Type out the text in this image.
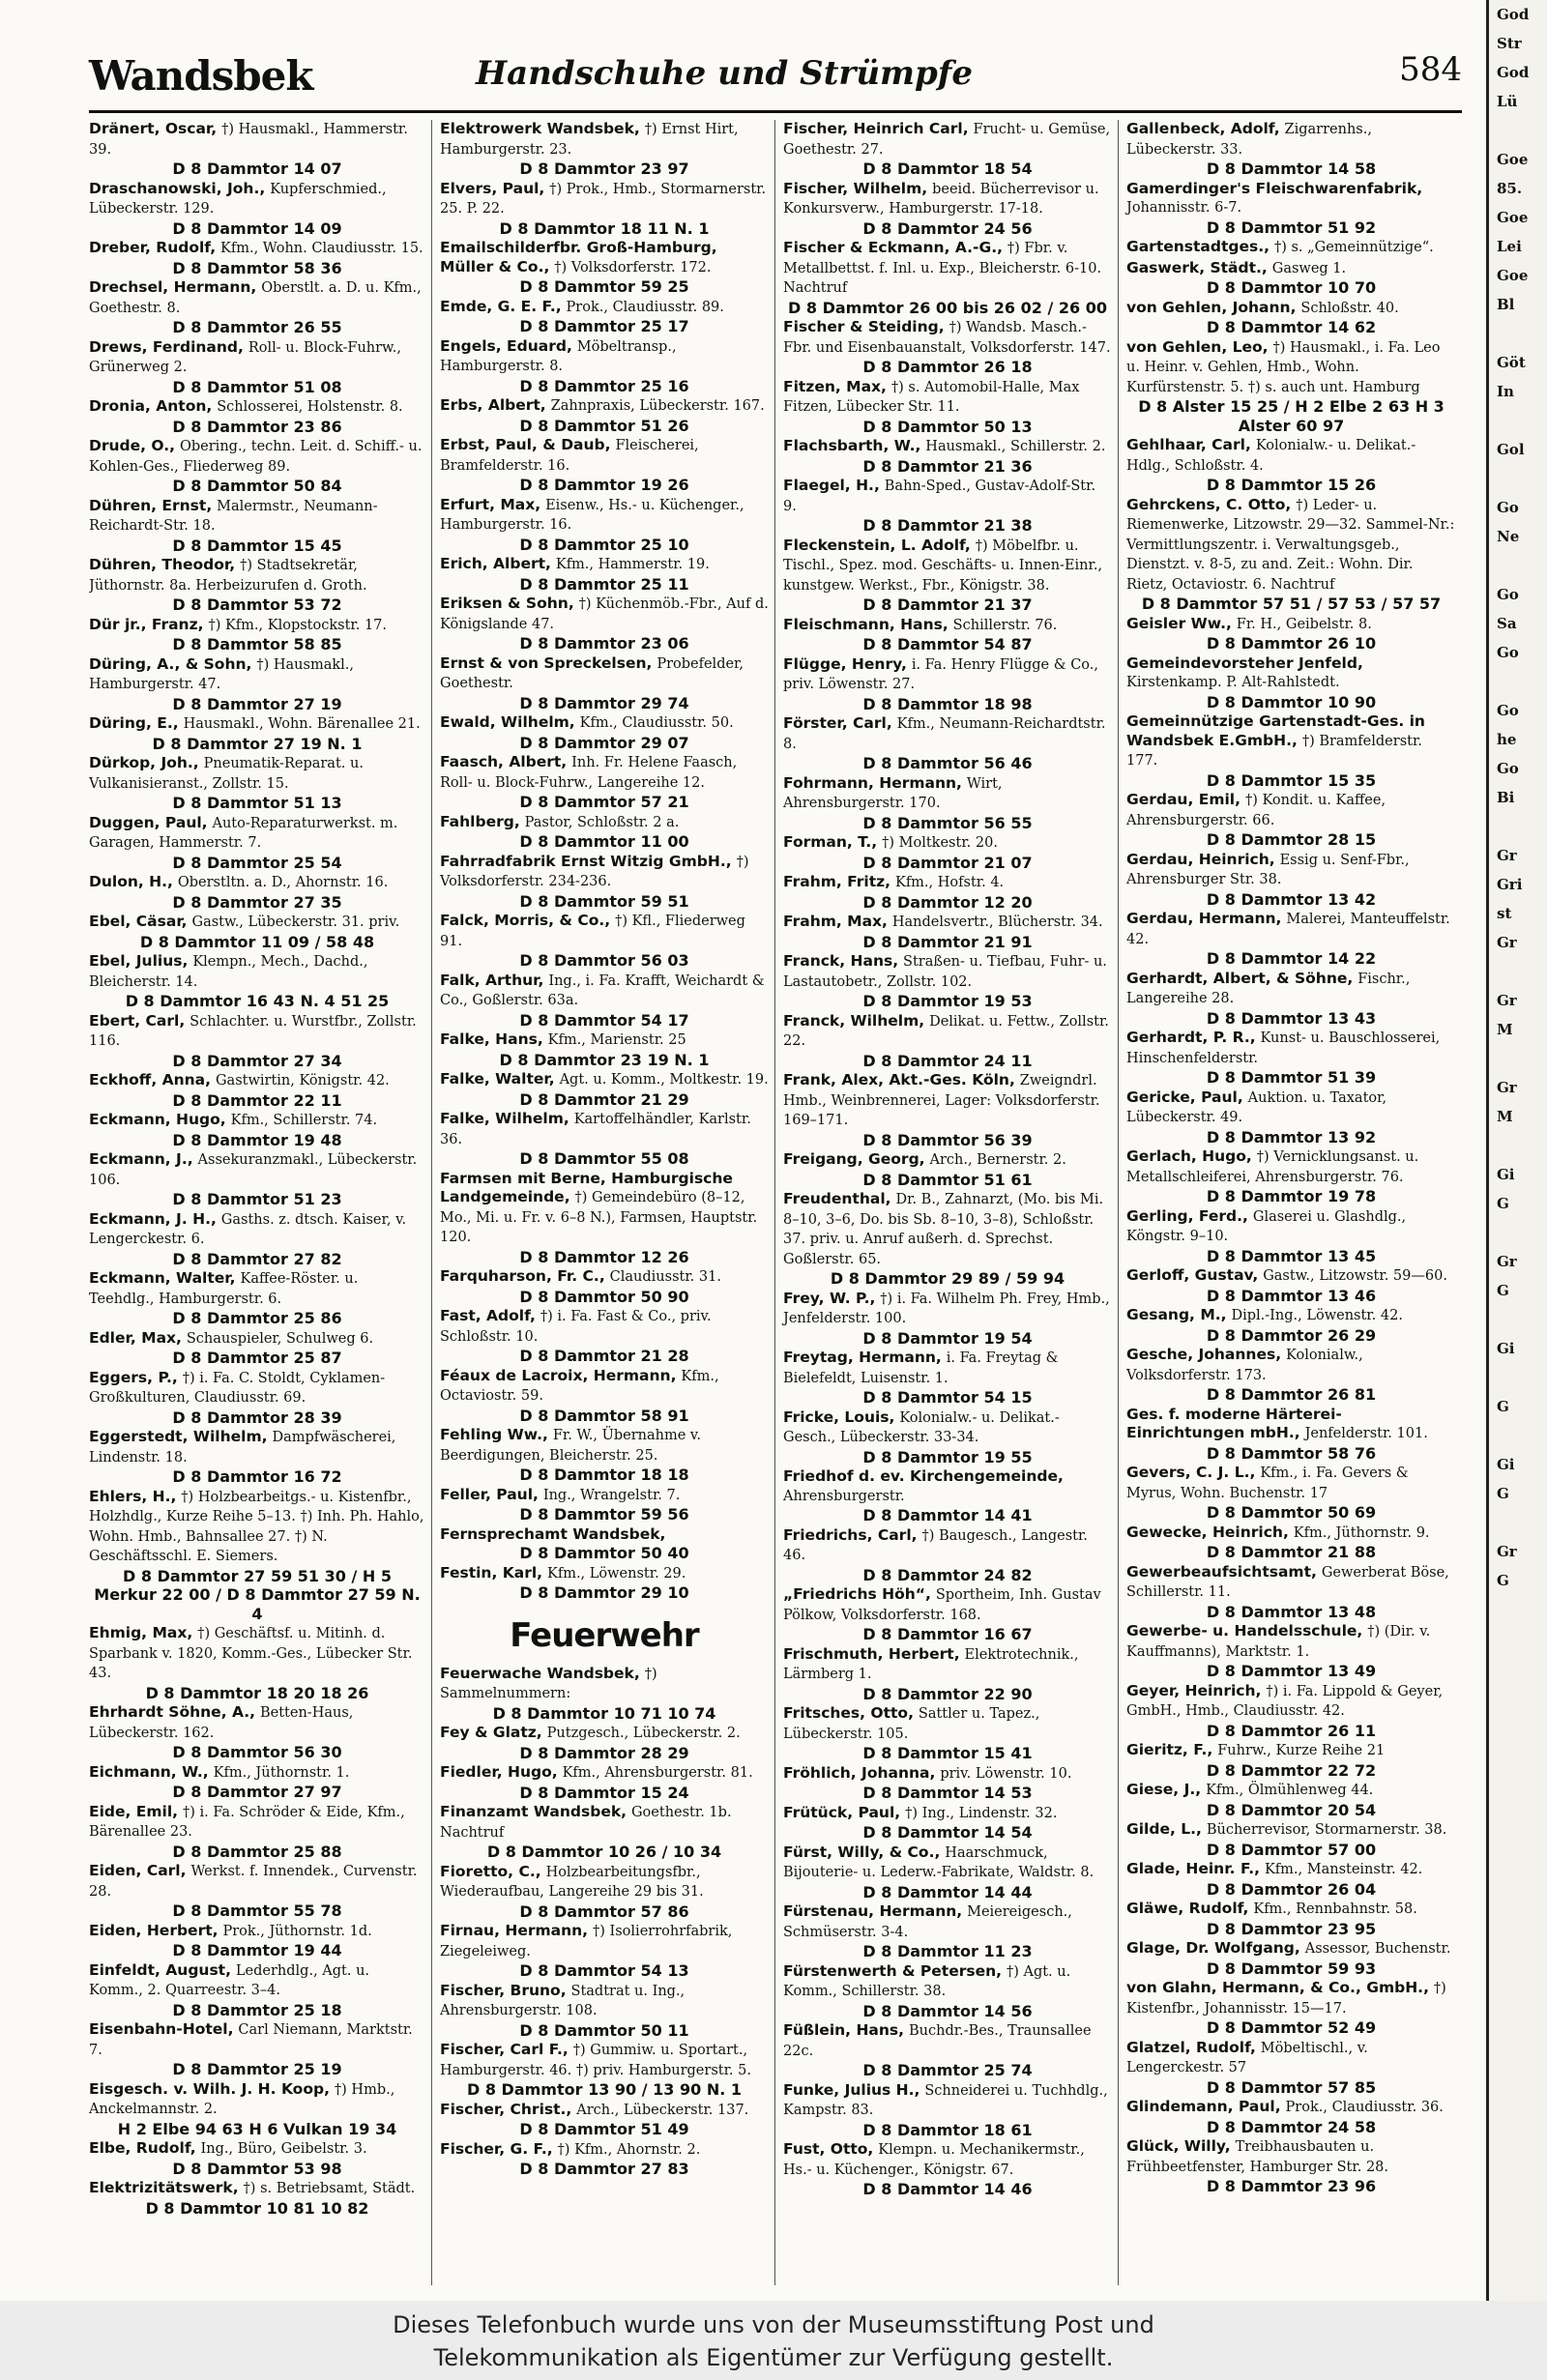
Wandsbek	Handschuhe und Strümpfe	584
Dränert, Oscar, †) Hausmakl., Hammerstr. 39.
D 8 Dammtor 14 07
Draschanowski, Joh., Kupferschmied., Lübeckerstr. 129.
D 8 Dammtor 14 09
Dreber, Rudolf, Kfm., Wohn. Claudiusstr. 15.
D 8 Dammtor 58 36
Drechsel, Hermann, Oberstlt. a. D. u. Kfm., Goethestr. 8.
D 8 Dammtor 26 55
Drews, Ferdinand, Roll- u. Block-Fuhrw., Grünerweg 2.
D 8 Dammtor 51 08
Dronia, Anton, Schlosserei, Holstenstr. 8.
D 8 Dammtor 23 86
Drude, O., Obering., techn. Leit. d. Schiff.- u. Kohlen-Ges., Fliederweg 89.
D 8 Dammtor 50 84
Dühren, Ernst, Malermstr., Neumann-Reichardt-Str. 18.
D 8 Dammtor 15 45
Dühren, Theodor, †) Stadtsekretär, Jüthornstr. 8a. Herbeizurufen d. Groth.
D 8 Dammtor 53 72
Dür jr., Franz, †) Kfm., Klopstockstr. 17.
D 8 Dammtor 58 85
Düring, A., & Sohn, †) Hausmakl., Hamburgerstr. 47.
D 8 Dammtor 27 19
Düring, E., Hausmakl., Wohn. Bärenallee 21.
D 8 Dammtor 27 19 N. 1
Dürkop, Joh., Pneumatik-Reparat. u. Vulkanisieranst., Zollstr. 15.
D 8 Dammtor 51 13
Duggen, Paul, Auto-Reparaturwerkst. m. Garagen, Hammerstr. 7.
D 8 Dammtor 25 54
Dulon, H., Oberstltn. a. D., Ahornstr. 16.
D 8 Dammtor 27 35
Ebel, Cäsar, Gastw., Lübeckerstr. 31. priv.
D 8 Dammtor 11 09 / 58 48
Ebel, Julius, Klempn., Mech., Dachd., Bleicherstr. 14.
D 8 Dammtor 16 43 N. 4 51 25
Ebert, Carl, Schlachter. u. Wurstfbr., Zollstr. 116.
D 8 Dammtor 27 34
Eckhoff, Anna, Gastwirtin, Königstr. 42.
D 8 Dammtor 22 11
Eckmann, Hugo, Kfm., Schillerstr. 74.
D 8 Dammtor 19 48
Eckmann, J., Assekuranzmakl., Lübeckerstr. 106.
D 8 Dammtor 51 23
Eckmann, J. H., Gasths. z. dtsch. Kaiser, v. Lengerckestr. 6.
D 8 Dammtor 27 82
Eckmann, Walter, Kaffee-Röster. u. Teehdlg., Hamburgerstr. 6.
D 8 Dammtor 25 86
Edler, Max, Schauspieler, Schulweg 6.
D 8 Dammtor 25 87
Eggers, P., †) i. Fa. C. Stoldt, Cyklamen-Großkulturen, Claudiusstr. 69.
D 8 Dammtor 28 39
Eggerstedt, Wilhelm, Dampfwäscherei, Lindenstr. 18.
D 8 Dammtor 16 72
Ehlers, H., †) Holzbearbeitgs.- u. Kistenfbr., Holzhdlg., Kurze Reihe 5–13. †) Inh. Ph. Hahlo, Wohn. Hmb., Bahnsallee 27. †) N. Geschäftsschl. E. Siemers.
D 8 Dammtor 27 59 51 30 / H 5 Merkur 22 00 / D 8 Dammtor 27 59 N. 4
Ehmig, Max, †) Geschäftsf. u. Mitinh. d. Sparbank v. 1820, Komm.-Ges., Lübecker Str. 43.
D 8 Dammtor 18 20 18 26
Ehrhardt Söhne, A., Betten-Haus, Lübeckerstr. 162.
D 8 Dammtor 56 30
Eichmann, W., Kfm., Jüthornstr. 1.
D 8 Dammtor 27 97
Eide, Emil, †) i. Fa. Schröder & Eide, Kfm., Bärenallee 23.
D 8 Dammtor 25 88
Eiden, Carl, Werkst. f. Innendek., Curvenstr. 28.
D 8 Dammtor 55 78
Eiden, Herbert, Prok., Jüthornstr. 1d.
D 8 Dammtor 19 44
Einfeldt, August, Lederhdlg., Agt. u. Komm., 2. Quarreestr. 3–4.
D 8 Dammtor 25 18
Eisenbahn-Hotel, Carl Niemann, Marktstr. 7.
D 8 Dammtor 25 19
Eisgesch. v. Wilh. J. H. Koop, †) Hmb., Anckelmannstr. 2.
H 2 Elbe 94 63 H 6 Vulkan 19 34
Elbe, Rudolf, Ing., Büro, Geibelstr. 3.
D 8 Dammtor 53 98
Elektrizitätswerk, †) s. Betriebsamt, Städt.
D 8 Dammtor 10 81 10 82
Elektrowerk Wandsbek, †) Ernst Hirt, Hamburgerstr. 23.
D 8 Dammtor 23 97
Elvers, Paul, †) Prok., Hmb., Stormarnerstr. 25. P. 22.
D 8 Dammtor 18 11 N. 1
Emailschilderfbr. Groß-Hamburg, Müller & Co., †) Volksdorferstr. 172.
D 8 Dammtor 59 25
Emde, G. E. F., Prok., Claudiusstr. 89.
D 8 Dammtor 25 17
Engels, Eduard, Möbeltransp., Hamburgerstr. 8.
D 8 Dammtor 25 16
Erbs, Albert, Zahnpraxis, Lübeckerstr. 167.
D 8 Dammtor 51 26
Erbst, Paul, & Daub, Fleischerei, Bramfelderstr. 16.
D 8 Dammtor 19 26
Erfurt, Max, Eisenw., Hs.- u. Küchenger., Hamburgerstr. 16.
D 8 Dammtor 25 10
Erich, Albert, Kfm., Hammerstr. 19.
D 8 Dammtor 25 11
Eriksen & Sohn, †) Küchenmöb.-Fbr., Auf d. Königslande 47.
D 8 Dammtor 23 06
Ernst & von Spreckelsen, Probefelder, Goethestr.
D 8 Dammtor 29 74
Ewald, Wilhelm, Kfm., Claudiusstr. 50.
D 8 Dammtor 29 07
Faasch, Albert, Inh. Fr. Helene Faasch, Roll- u. Block-Fuhrw., Langereihe 12.
D 8 Dammtor 57 21
Fahlberg, Pastor, Schloßstr. 2 a.
D 8 Dammtor 11 00
Fahrradfabrik Ernst Witzig GmbH., †) Volksdorferstr. 234-236.
D 8 Dammtor 59 51
Falck, Morris, & Co., †) Kfl., Fliederweg 91.
D 8 Dammtor 56 03
Falk, Arthur, Ing., i. Fa. Krafft, Weichardt & Co., Goßlerstr. 63a.
D 8 Dammtor 54 17
Falke, Hans, Kfm., Marienstr. 25
D 8 Dammtor 23 19 N. 1
Falke, Walter, Agt. u. Komm., Moltkestr. 19.
D 8 Dammtor 21 29
Falke, Wilhelm, Kartoffelhändler, Karlstr. 36.
D 8 Dammtor 55 08
Farmsen mit Berne, Hamburgische Landgemeinde, †) Gemeindebüro (8–12, Mo., Mi. u. Fr. v. 6–8 N.), Farmsen, Hauptstr. 120.
D 8 Dammtor 12 26
Farquharson, Fr. C., Claudiusstr. 31.
D 8 Dammtor 50 90
Fast, Adolf, †) i. Fa. Fast & Co., priv. Schloßstr. 10.
D 8 Dammtor 21 28
Féaux de Lacroix, Hermann, Kfm., Octaviostr. 59.
D 8 Dammtor 58 91
Fehling Ww., Fr. W., Übernahme v. Beerdigungen, Bleicherstr. 25.
D 8 Dammtor 18 18
Feller, Paul, Ing., Wrangelstr. 7.
D 8 Dammtor 59 56
Fernsprechamt Wandsbek,
D 8 Dammtor 50 40
Festin, Karl, Kfm., Löwenstr. 29.
D 8 Dammtor 29 10
Feuerwehr
Feuerwache Wandsbek, †) Sammelnummern:
D 8 Dammtor 10 71 10 74
Fey & Glatz, Putzgesch., Lübeckerstr. 2.
D 8 Dammtor 28 29
Fiedler, Hugo, Kfm., Ahrensburgerstr. 81.
D 8 Dammtor 15 24
Finanzamt Wandsbek, Goethestr. 1b. Nachtruf
D 8 Dammtor 10 26 / 10 34
Fioretto, C., Holzbearbeitungsfbr., Wiederaufbau, Langereihe 29 bis 31.
D 8 Dammtor 57 86
Firnau, Hermann, †) Isolierrohrfabrik, Ziegeleiweg.
D 8 Dammtor 54 13
Fischer, Bruno, Stadtrat u. Ing., Ahrensburgerstr. 108.
D 8 Dammtor 50 11
Fischer, Carl F., †) Gummiw. u. Sportart., Hamburgerstr. 46. †) priv. Hamburgerstr. 5.
D 8 Dammtor 13 90 / 13 90 N. 1
Fischer, Christ., Arch., Lübeckerstr. 137.
D 8 Dammtor 51 49
Fischer, G. F., †) Kfm., Ahornstr. 2.
D 8 Dammtor 27 83
Fischer, Heinrich Carl, Frucht- u. Gemüse, Goethestr. 27.
D 8 Dammtor 18 54
Fischer, Wilhelm, beeid. Bücherrevisor u. Konkursverw., Hamburgerstr. 17-18.
D 8 Dammtor 24 56
Fischer & Eckmann, A.-G., †) Fbr. v. Metallbettst. f. Inl. u. Exp., Bleicherstr. 6-10. Nachtruf
D 8 Dammtor 26 00 bis 26 02 / 26 00
Fischer & Steiding, †) Wandsb. Masch.-Fbr. und Eisenbauanstalt, Volksdorferstr. 147.
D 8 Dammtor 26 18
Fitzen, Max, †) s. Automobil-Halle, Max Fitzen, Lübecker Str. 11.
D 8 Dammtor 50 13
Flachsbarth, W., Hausmakl., Schillerstr. 2.
D 8 Dammtor 21 36
Flaegel, H., Bahn-Sped., Gustav-Adolf-Str. 9.
D 8 Dammtor 21 38
Fleckenstein, L. Adolf, †) Möbelfbr. u. Tischl., Spez. mod. Geschäfts- u. Innen-Einr., kunstgew. Werkst., Fbr., Königstr. 38.
D 8 Dammtor 21 37
Fleischmann, Hans, Schillerstr. 76.
D 8 Dammtor 54 87
Flügge, Henry, i. Fa. Henry Flügge & Co., priv. Löwenstr. 27.
D 8 Dammtor 18 98
Förster, Carl, Kfm., Neumann-Reichardtstr. 8.
D 8 Dammtor 56 46
Fohrmann, Hermann, Wirt, Ahrensburgerstr. 170.
D 8 Dammtor 56 55
Forman, T., †) Moltkestr. 20.
D 8 Dammtor 21 07
Frahm, Fritz, Kfm., Hofstr. 4.
D 8 Dammtor 12 20
Frahm, Max, Handelsvertr., Blücherstr. 34.
D 8 Dammtor 21 91
Franck, Hans, Straßen- u. Tiefbau, Fuhr- u. Lastautobetr., Zollstr. 102.
D 8 Dammtor 19 53
Franck, Wilhelm, Delikat. u. Fettw., Zollstr. 22.
D 8 Dammtor 24 11
Frank, Alex, Akt.-Ges. Köln, Zweigndrl. Hmb., Weinbrennerei, Lager: Volksdorferstr. 169–171.
D 8 Dammtor 56 39
Freigang, Georg, Arch., Bernerstr. 2.
D 8 Dammtor 51 61
Freudenthal, Dr. B., Zahnarzt, (Mo. bis Mi. 8–10, 3–6, Do. bis Sb. 8–10, 3–8), Schloßstr. 37. priv. u. Anruf außerh. d. Sprechst. Goßlerstr. 65.
D 8 Dammtor 29 89 / 59 94
Frey, W. P., †) i. Fa. Wilhelm Ph. Frey, Hmb., Jenfelderstr. 100.
D 8 Dammtor 19 54
Freytag, Hermann, i. Fa. Freytag & Bielefeldt, Luisenstr. 1.
D 8 Dammtor 54 15
Fricke, Louis, Kolonialw.- u. Delikat.-Gesch., Lübeckerstr. 33-34.
D 8 Dammtor 19 55
Friedhof d. ev. Kirchengemeinde, Ahrensburgerstr.
D 8 Dammtor 14 41
Friedrichs, Carl, †) Baugesch., Langestr. 46.
D 8 Dammtor 24 82
„Friedrichs Höh“, Sportheim, Inh. Gustav Pölkow, Volksdorferstr. 168.
D 8 Dammtor 16 67
Frischmuth, Herbert, Elektrotechnik., Lärmberg 1.
D 8 Dammtor 22 90
Fritsches, Otto, Sattler u. Tapez., Lübeckerstr. 105.
D 8 Dammtor 15 41
Fröhlich, Johanna, priv. Löwenstr. 10.
D 8 Dammtor 14 53
Frütück, Paul, †) Ing., Lindenstr. 32.
D 8 Dammtor 14 54
Fürst, Willy, & Co., Haarschmuck, Bijouterie- u. Lederw.-Fabrikate, Waldstr. 8.
D 8 Dammtor 14 44
Fürstenau, Hermann, Meiereigesch., Schmüserstr. 3-4.
D 8 Dammtor 11 23
Fürstenwerth & Petersen, †) Agt. u. Komm., Schillerstr. 38.
D 8 Dammtor 14 56
Füßlein, Hans, Buchdr.-Bes., Traunsallee 22c.
D 8 Dammtor 25 74
Funke, Julius H., Schneiderei u. Tuchhdlg., Kampstr. 83.
D 8 Dammtor 18 61
Fust, Otto, Klempn. u. Mechanikermstr., Hs.- u. Küchenger., Königstr. 67.
D 8 Dammtor 14 46
Gallenbeck, Adolf, Zigarrenhs., Lübeckerstr. 33.
D 8 Dammtor 14 58
Gamerdinger's Fleischwarenfabrik, Johannisstr. 6-7.
D 8 Dammtor 51 92
Gartenstadtges., †) s. „Gemeinnützige“.
Gaswerk, Städt., Gasweg 1.
D 8 Dammtor 10 70
von Gehlen, Johann, Schloßstr. 40.
D 8 Dammtor 14 62
von Gehlen, Leo, †) Hausmakl., i. Fa. Leo u. Heinr. v. Gehlen, Hmb., Wohn. Kurfürstenstr. 5. †) s. auch unt. Hamburg
D 8 Alster 15 25 / H 2 Elbe 2 63 H 3 Alster 60 97
Gehlhaar, Carl, Kolonialw.- u. Delikat.-Hdlg., Schloßstr. 4.
D 8 Dammtor 15 26
Gehrckens, C. Otto, †) Leder- u. Riemenwerke, Litzowstr. 29—32. Sammel-Nr.: Vermittlungszentr. i. Verwaltungsgeb., Dienstzt. v. 8-5, zu and. Zeit.: Wohn. Dir. Rietz, Octaviostr. 6. Nachtruf
D 8 Dammtor 57 51 / 57 53 / 57 57
Geisler Ww., Fr. H., Geibelstr. 8.
D 8 Dammtor 26 10
Gemeindevorsteher Jenfeld, Kirstenkamp. P. Alt-Rahlstedt.
D 8 Dammtor 10 90
Gemeinnützige Gartenstadt-Ges. in Wandsbek E.GmbH., †) Bramfelderstr. 177.
D 8 Dammtor 15 35
Gerdau, Emil, †) Kondit. u. Kaffee, Ahrensburgerstr. 66.
D 8 Dammtor 28 15
Gerdau, Heinrich, Essig u. Senf-Fbr., Ahrensburger Str. 38.
D 8 Dammtor 13 42
Gerdau, Hermann, Malerei, Manteuffelstr. 42.
D 8 Dammtor 14 22
Gerhardt, Albert, & Söhne, Fischr., Langereihe 28.
D 8 Dammtor 13 43
Gerhardt, P. R., Kunst- u. Bauschlosserei, Hinschenfelderstr.
D 8 Dammtor 51 39
Gericke, Paul, Auktion. u. Taxator, Lübeckerstr. 49.
D 8 Dammtor 13 92
Gerlach, Hugo, †) Vernicklungsanst. u. Metallschleiferei, Ahrensburgerstr. 76.
D 8 Dammtor 19 78
Gerling, Ferd., Glaserei u. Glashdlg., Köngstr. 9–10.
D 8 Dammtor 13 45
Gerloff, Gustav, Gastw., Litzowstr. 59—60.
D 8 Dammtor 13 46
Gesang, M., Dipl.-Ing., Löwenstr. 42.
D 8 Dammtor 26 29
Gesche, Johannes, Kolonialw., Volksdorferstr. 173.
D 8 Dammtor 26 81
Ges. f. moderne Härterei-Einrichtungen mbH., Jenfelderstr. 101.
D 8 Dammtor 58 76
Gevers, C. J. L., Kfm., i. Fa. Gevers & Myrus, Wohn. Buchenstr. 17
D 8 Dammtor 50 69
Gewecke, Heinrich, Kfm., Jüthornstr. 9.
D 8 Dammtor 21 88
Gewerbeaufsichtsamt, Gewerberat Böse, Schillerstr. 11.
D 8 Dammtor 13 48
Gewerbe- u. Handelsschule, †) (Dir. v. Kauffmanns), Marktstr. 1.
D 8 Dammtor 13 49
Geyer, Heinrich, †) i. Fa. Lippold & Geyer, GmbH., Hmb., Claudiusstr. 42.
D 8 Dammtor 26 11
Gieritz, F., Fuhrw., Kurze Reihe 21
D 8 Dammtor 22 72
Giese, J., Kfm., Ölmühlenweg 44.
D 8 Dammtor 20 54
Gilde, L., Bücherrevisor, Stormarnerstr. 38.
D 8 Dammtor 57 00
Glade, Heinr. F., Kfm., Mansteinstr. 42.
D 8 Dammtor 26 04
Gläwe, Rudolf, Kfm., Rennbahnstr. 58.
D 8 Dammtor 23 95
Glage, Dr. Wolfgang, Assessor, Buchenstr.
D 8 Dammtor 59 93
von Glahn, Hermann, & Co., GmbH., †) Kistenfbr., Johannisstr. 15—17.
D 8 Dammtor 52 49
Glatzel, Rudolf, Möbeltischl., v. Lengerckestr. 57
D 8 Dammtor 57 85
Glindemann, Paul, Prok., Claudiusstr. 36.
D 8 Dammtor 24 58
Glück, Willy, Treibhausbauten u. Frühbeetfenster, Hamburger Str. 28.
D 8 Dammtor 23 96
God
Str
God
Lü

Goe
85.
Goe
Lei
Goe
Bl

Göt
In

Gol

Go
Ne

Go
Sa
Go

Go
he
Go
Bi

Gr
Gri
st
Gr

Gr
M

Gr
M

Gi
G

Gr
G

Gi

G

Gi
G

Gr
G
Dieses Telefonbuch wurde uns von der Museumsstiftung Post und
Telekommunikation als Eigentümer zur Verfügung gestellt.
